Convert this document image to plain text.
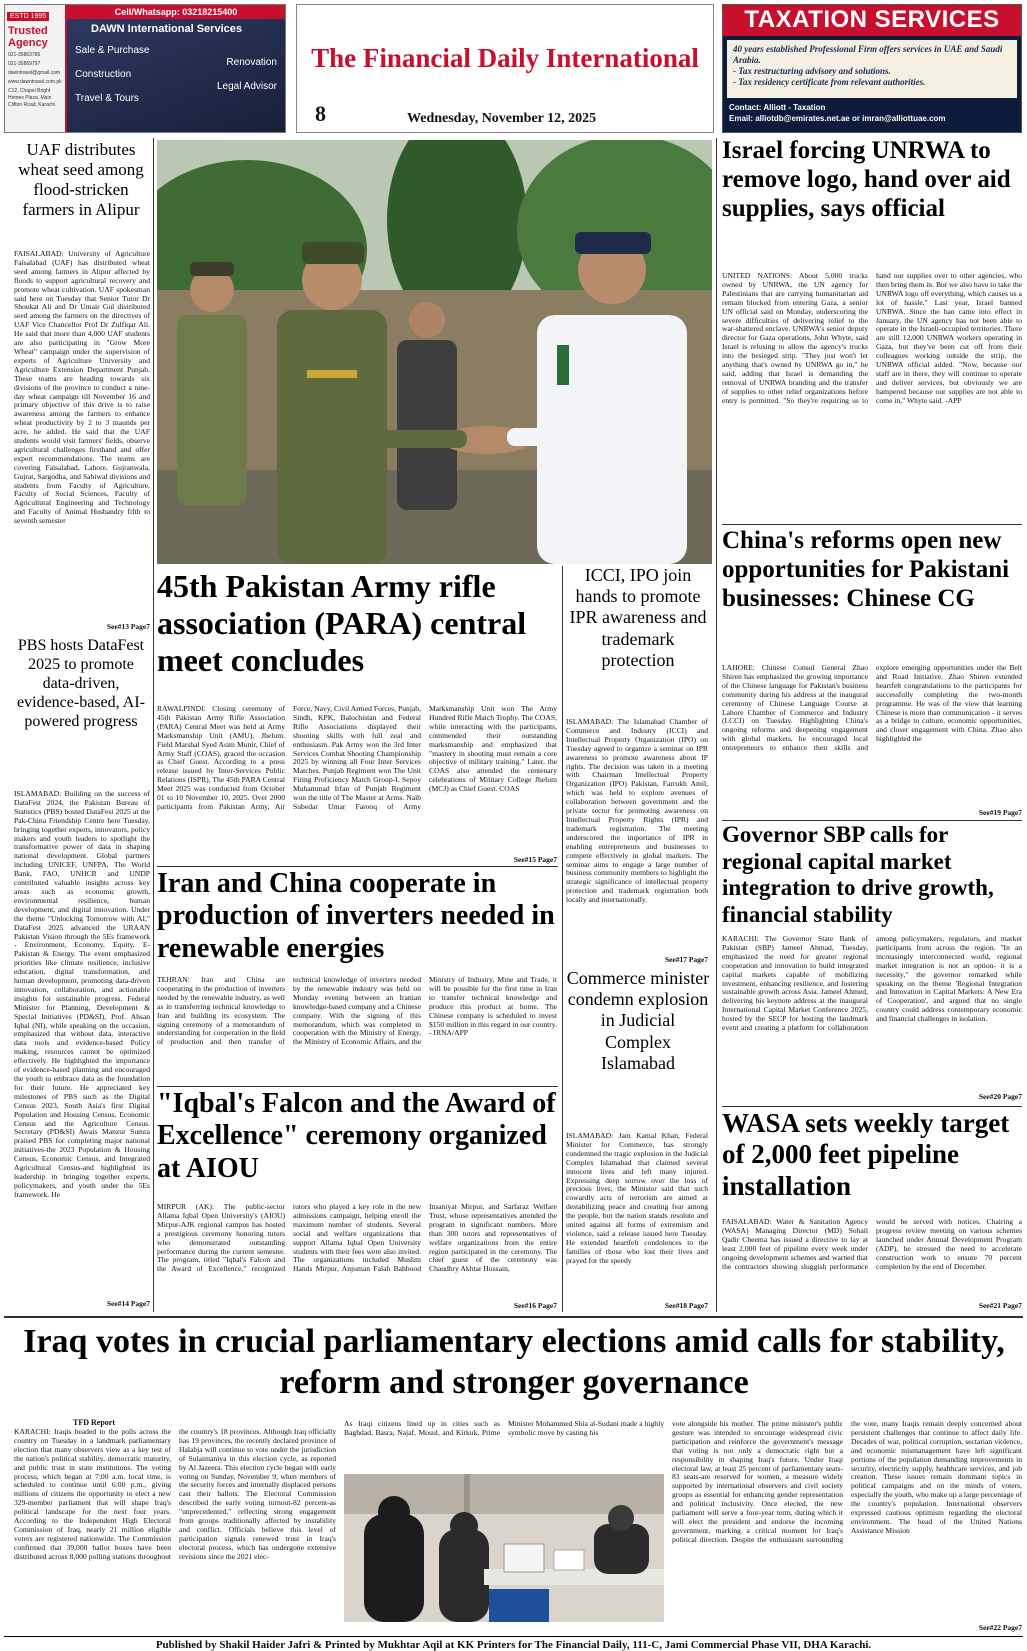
ESTD 1995
Trusted Agency
021-35863785
021-35869797
dawntravel@gmail.com
www.dawntravel.com.pk
C12, Chapel Bright Homes Plaza, Main Clifton Road, Karachi
Cell/Whatsapp: 03218215400
DAWN International Services
Sale & Purchase
Renovation
Construction
Legal Advisor
Travel & Tours
The Financial Daily International
8	Wednesday, November 12, 2025
TAXATION SERVICES
40 years established Professional Firm offers services in UAE and Saudi Arabia.
- Tax restructuring advisory and solutions.
- Tax residency certificate from relevant authorities.
Contact: Alliott - Taxation
Email: alliotdb@emirates.net.ae or imran@alliottuae.com
UAF distributes wheat seed among flood-stricken farmers in Alipur
FAISALABAD: University of Agriculture Faisalabad (UAF) has distributed wheat seed among farmers in Alipur affected by floods to support agricultural recovery and promote wheat cultivation. UAF spokesman said here on Tuesday that Senior Tutor Dr Shoukat Ali and Dr Umair Gul distributed seed among the farmers on the directives of UAF Vice Chancellor Prof Dr Zulfiqar Ali. He said that more than 4,000 UAF students are also participating in "Grow More Wheat" campaign under the supervision of experts of Agriculture University and Agriculture Extension Department Punjab. These teams are heading towards six divisions of the province to conduct a nine-day wheat campaign till November 16 and primary objective of this drive is to raise awareness among the farmers to enhance wheat productivity by 2 to 3 maunds per acre, he added. He said that the UAF students would visit farmers' fields, observe agricultural challenges firsthand and offer expert recommendations. The teams are covering Faisalabad, Lahore, Gujranwala, Gujrat, Sargodha, and Sahiwal divisions and students from Faculty of Agriculture, Faculty of Social Sciences, Faculty of Agricultural Engineering and Technology and Faculty of Animal Husbandry fifth to seventh semester
See#13 Page7
PBS hosts DataFest 2025 to promote data-driven, evidence-based, AI-powered progress
ISLAMABAD: Building on the success of DataFest 2024, the Pakistan Bureau of Statistics (PBS) hosted DataFest 2025 at the Pak-China Friendship Centre here Tuesday, bringing together experts, innovators, policy makers and youth leaders to spotlight the transformative power of data in shaping national development. Global partners including UNICEF, UNFPA, The World Bank, FAO, UNHCR and UNDP contributed valuable insights across key areas such as economic growth, environmental resilience, human development, and digital innovation. Under the theme "Unlocking Tomorrow with AI," DataFest 2025 advanced the URAAN Pakistan Vision through the 5Es framework - Environment, Economy, Equity, E-Pakistan & Energy. The event emphasized priorities like climate resilience, inclusive education, digital transformation, and human development, promoting data-driven innovation, collaboration, and actionable insights for sustainable progress. Federal Minister for Planning, Development & Special Initiatives (PD&SI), Prof. Ahsan Iqbal (NI), while speaking on the occasion, emphasized that without data, interactive data tools and evidence-based Policy making, resources cannot be optimized effectively. He highlighted the importance of evidence-based planning and encouraged the youth to embrace data as the foundation for their future. He appreciated key milestones of PBS such as the Digital Census 2023, South Asia's first Digital Population and Housing Census, Economic Census and the Agriculture Census. Secretary (PD&SI) Awais Manzur Sumra praised PBS for completing major national initiatives-the 2023 Population & Housing Census, Economic Census, and Integrated Agricultural Census-and highlighted its leadership in bringing together experts, policymakers, and youth under the 5Es framework. He
See#14 Page7
45th Pakistan Army rifle association (PARA) central meet concludes
RAWALPINDI: Closing ceremony of 45th Pakistan Army Rifle Association (PARA) Central Meet was held at Army Marksmanship Unit (AMU), Jhelum. Field Marshal Syed Asim Munir, Chief of Army Staff (COAS), graced the occasion as Chief Guest. According to a press release issued by Inter-Services Public Relations (ISPR), The 45th PARA Central Meet 2025 was conducted from October 01 to 10 November 10, 2025. Over 2000 participants from Pakistan Army, Air Force, Navy, Civil Armed Forces, Punjab, Sindh, KPK, Balochistan and Federal Rifle Associations displayed their shooting skills with full zeal and enthusiasm. Pak Army won the 3rd Inter Services Combat Shooting Championship 2025 by winning all Four Inter Services Matches. Punjab Regiment won The Unit Firing Proficiency Match Group-I. Sepoy Muhammad Irfan of Punjab Regiment won the title of The Master at Arms. Naib Subedar Umar Farooq of Army Marksmanship Unit won The Army Hundred Rifle Match Trophy. The COAS, while interacting with the participants, commended their outstanding marksmanship and emphasized that "mastery in shooting must remain a core objective of military training." Later, the COAS also attended the centenary celebrations of Military College Jhelum (MCJ) as Chief Guest. COAS
See#15 Page7
ICCI, IPO join hands to promote IPR awareness and trademark protection
ISLAMABAD: The Islamabad Chamber of Commerce and Industry (ICCI) and Intellectual Property Organization (IPO) on Tuesday agreed to organize a seminar on IPR awareness to promote awareness about IP rights. The decision was taken in a meeting with Chairman Intellectual Property Organization (IPO) Pakistan, Farrukh Amil, which was held to explore avenues of collaboration between government and the private sector for promoting awareness on Intellectual Property Rights (IPR) and trademark registration. The meeting underscored the importance of IPR in enabling entrepreneurs and businesses to compete effectively in global markets. The seminar aims to engage a large number of business community members to highlight the strategic significance of intellectual property protection and trademark registration both locally and internationally.
See#17 Page7
Iran and China cooperate in production of inverters needed in renewable energies
TEHRAN: Iran and China are cooperating in the production of inverters needed by the renewable industry, as well as in transferring technical knowledge to Iran and building its ecosystem. The signing ceremony of a memorandum of understanding for cooperation in the field of production and then transfer of technical knowledge of inverters needed by the renewable industry was held on Monday evening between an Iranian knowledge-based company and a Chinese company. With the signing of this memorandum, which was completed in cooperation with the Ministry of Energy, the Ministry of Economic Affairs, and the Ministry of Industry, Mine and Trade, it will be possible for the first time in Iran to transfer technical knowledge and produce this product at home. The Chinese company is scheduled to invest $150 million in this regard in our country. - IRNA/APP
"Iqbal's Falcon and the Award of Excellence" ceremony organized at AIOU
MIRPUR (AK): The public-sector Allama Iqbal Open University's (AIOU) Mirpur-AJK regional campus has hosted a prestigious ceremony honoring tutors who demonstrated outstanding performance during the current semester. The program, titled "Iqbal's Falcon and the Award of Excellence," recognized tutors who played a key role in the new admissions campaign, helping enroll the maximum number of students. Several social and welfare organizations that support Allama Iqbal Open University students with their fees were also invited. The organizations included Muslim Hands Mirpur, Anjuman Falah Bahbood Insaniyat Mirpur, and Sarfaraz Welfare Trust, whose representatives attended the program in significant numbers. More than 300 tutors and representatives of welfare organizations from the entire region participated in the ceremony. The chief guest of the ceremony was Chaudhry Akhtar Hussain,
See#16 Page7
Commerce minister condemn explosion in Judicial Complex Islamabad
ISLAMABAD: Jam Kamal Khan, Federal Minister for Commerce, has strongly condemned the tragic explosion in the Judicial Complex Islamabad that claimed several innocent lives and left many injured. Expressing deep sorrow over the loss of precious lives, the Minister said that such cowardly acts of terrorism are aimed at destabilizing peace and creating fear among the people, but the nation stands resolute and united against all forms of extremism and violence, said a release issued here Tuesday. He extended heartfelt condolences to the families of those who lost their lives and prayed for the speedy
See#18 Page7
Israel forcing UNRWA to remove logo, hand over aid supplies, says official
UNITED NATIONS: About 5,000 trucks owned by UNRWA, the UN agency for Palestinians that are carrying humanitarian aid remain blocked from entering Gaza, a senior UN official said on Monday, underscoring the severe difficulties of delivering relief to the war-shattered enclave. UNRWA's senior deputy director for Gaza operations, John Whyte, said Israel is refusing to allow the agency's trucks into the besieged strip. "They just won't let anything that's owned by UNRWA go in," he said, adding that Israel is demanding the removal of UNRWA branding and the transfer of supplies to other relief organizations before entry is permitted. "So they're requiring us to hand our supplies over to other agencies, who then bring them in. But we also have to take the UNRWA logo off everything, which causes us a lot of hassle." Last year, Israel banned UNRWA. Since the ban came into effect in January, the UN agency has not been able to operate in the Israeli-occupied territories. There are still 12,000 UNRWA workers operating in Gaza, but they've been cut off from their colleagues working outside the strip, the UNRWA official added. "Now, because our staff are in there, they will continue to operate and deliver services, but obviously we are hampered because our supplies are not able to come in," Whyte said. -APP
China's reforms open new opportunities for Pakistani businesses: Chinese CG
LAHORE: Chinese Consul General Zhao Shiren has emphasized the growing importance of the Chinese language for Pakistan's business community during his address at the inaugural ceremony of Chinese Language Course at Lahore Chamber of Commerce and Industry (LCCI) on Tuesday. Highlighting China's ongoing reforms and deepening engagement with global markets, he encouraged local entrepreneurs to enhance their skills and explore emerging opportunities under the Belt and Road Initiative. Zhao Shiren extended heartfelt congratulations to the participants for successfully completing the two-month programme. He was of the view that learning Chinese is more than communication - it serves as a bridge to culture, economic opportunities, and closer engagement with China. Zhao also highlighted the
See#19 Page7
Governor SBP calls for regional capital market integration to drive growth, financial stability
KARACHI: The Governor State Bank of Pakistan (SBP) Jameel Ahmad, Tuesday, emphasized the need for greater regional cooperation and innovation to build integrated capital markets capable of mobilizing investment, enhancing resilience, and fostering sustainable growth across Asia. Jameel Ahmed, delivering his keynote address at the inaugural International Capital Market Conference 2025, hosted by the SECP for hosting the landmark event and creating a platform for collaboration among policymakers, regulators, and market participants from across the region. "In an increasingly interconnected world, regional market integration is not an option- it is a necessity," the governor remarked while speaking on the theme 'Regional Integration and Innovation in Capital Markets: A New Era of Cooperation', and argued that no single country could address contemporary economic and financial challenges in isolation.
See#20 Page7
WASA sets weekly target of 2,000 feet pipeline installation
FAISALABAD: Water & Sanitation Agency (WASA) Managing Director (MD) Sohail Qadir Cheema has issued a directive to lay at least 2,000 feet of pipeline every week under ongoing development schemes and warned that the contractors showing sluggish performance would be served with notices. Chairing a progress review meeting on various schemes launched under Annual Development Program (ADP), he stressed the need to accelerate construction work to ensure 70 percent completion by the end of December.
See#21 Page7
Iraq votes in crucial parliamentary elections amid calls for stability, reform and stronger governance
TFD Report
KARACHI: Iraqis headed to the polls across the country on Tuesday in a landmark parliamentary election that many observers view as a key test of the nation's political stability, democratic maturity, and public trust in state institutions. The voting process, which began at 7:00 a.m. local time, is scheduled to continue until 6:00 p.m., giving millions of citizens the opportunity to elect a new 329-member parliament that will shape Iraq's political landscape for the next four years. According to the Independent High Electoral Commission of Iraq, nearly 21 million eligible voters are registered nationwide. The Commission confirmed that 39,000 ballot boxes have been distributed across 8,000 polling stations throughout the country's 18 provinces. Although Iraq officially has 19 provinces, the recently declared province of Halabja will continue to vote under the jurisdiction of Sulaimaniya in this election cycle, as reported by Al Jazeera. This election cycle began with early voting on Sunday, November 9, when members of the security forces and internally displaced persons cast their ballots. The Electoral Commission described the early voting turnout-82 percent-as "unprecedented," reflecting strong engagement from groups traditionally affected by instability and conflict. Officials believe this level of participation signals renewed trust in Iraq's electoral process, which has undergone extensive revisions since the 2021 elec-
As Iraqi citizens lined up in cities such as Baghdad, Basra, Najaf, Mosul, and Kirkuk, Prime Minister Mohammed Shia al-Sudani made a highly symbolic move by casting his
vote alongside his mother. The prime minister's public gesture was intended to encourage widespread civic participation and reinforce the government's message that voting is not only a democratic right but a responsibility in shaping Iraq's future. Under Iraqi electoral law, at least 25 percent of parliamentary seats-83 seats-are reserved for women, a measure widely supported by international observers and civil society groups as essential for enhancing gender representation and political inclusivity. Once elected, the new parliament will serve a four-year term, during which it will elect the president and endorse the incoming government, marking a critical moment for Iraq's political direction. Despite the enthusiasm surrounding the vote, many Iraqis remain deeply concerned about persistent challenges that continue to affect daily life. Decades of war, political corruption, sectarian violence, and economic mismanagement have left significant portions of the population demanding improvements in security, electricity supply, healthcare services, and job creation. These issues remain dominant topics in political campaigns and on the minds of voters, especially the youth, who make up a large percentage of the country's population. International observers expressed cautious optimism regarding the electoral environment. The head of the United Nations Assistance Mission
See#22 Page7
Published by Shakil Haider Jafri & Printed by Mukhtar Aqil at KK Printers for The Financial Daily, 111-C, Jami Commercial Phase VII, DHA Karachi.
